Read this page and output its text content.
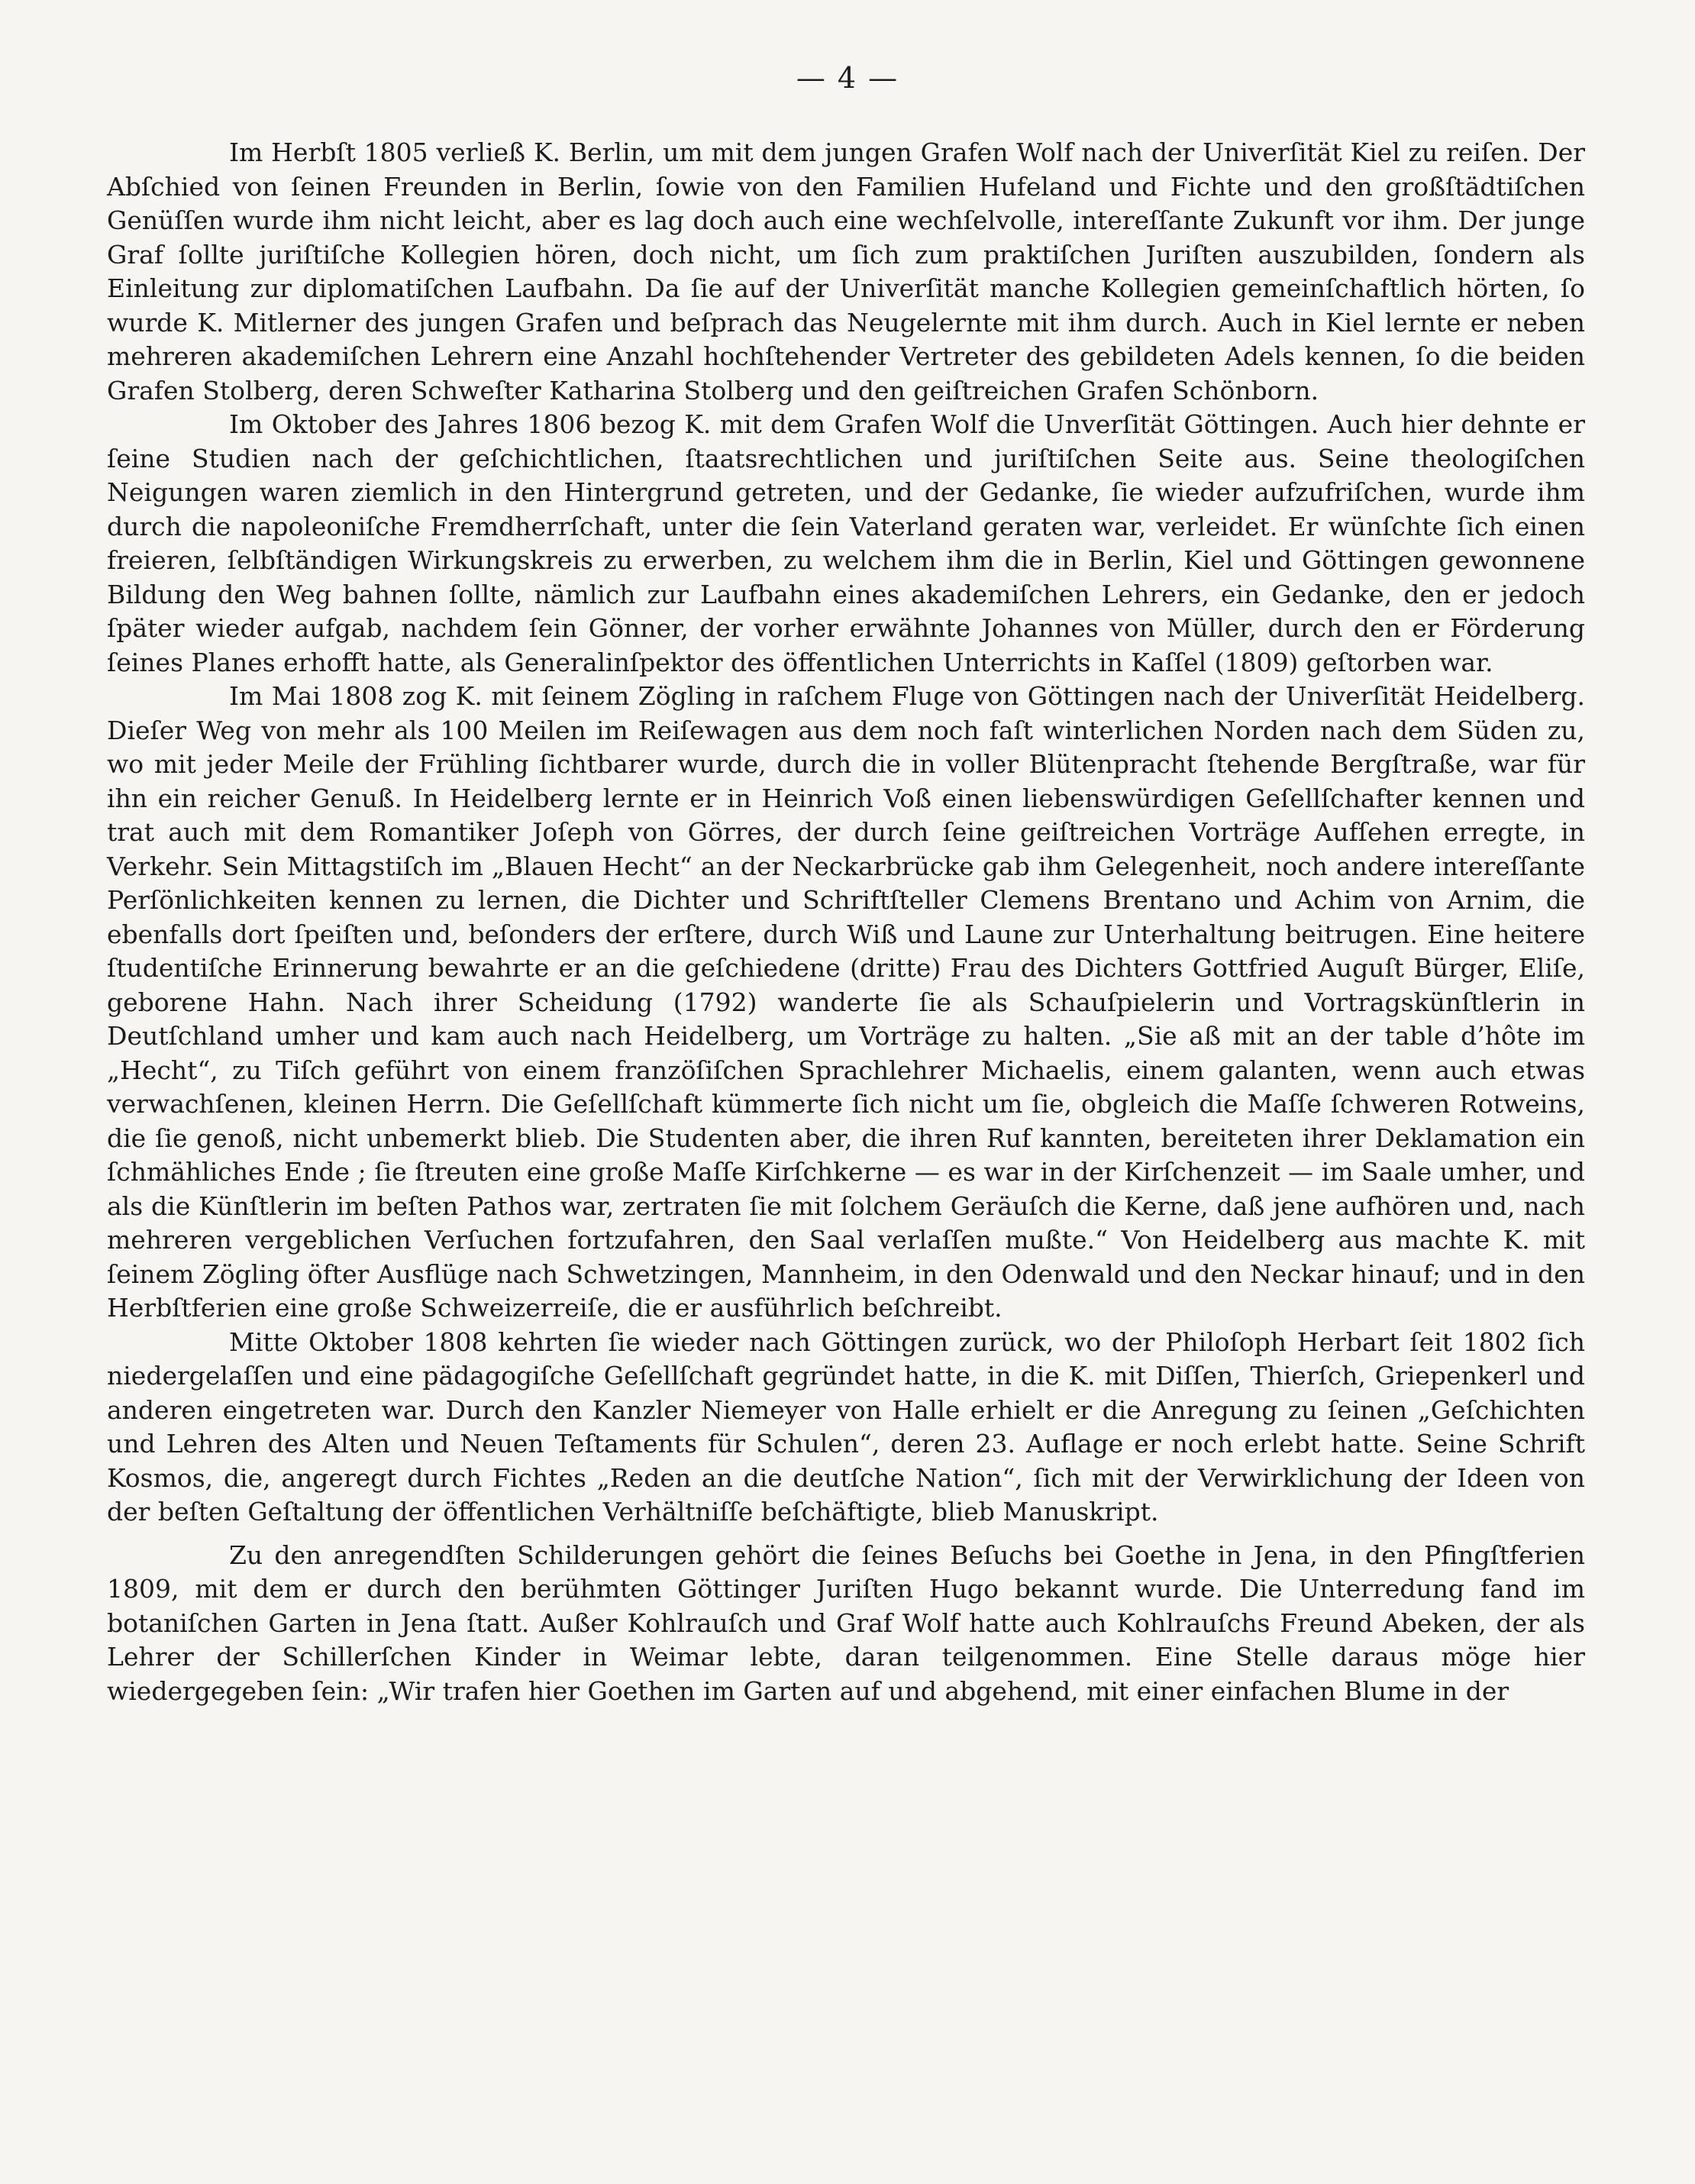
— 4 —

Im Herbſt 1805 verließ K. Berlin, um mit dem jungen Grafen Wolf nach der Univerſität Kiel zu reiſen. Der Abſchied von ſeinen Freunden in Berlin, ſowie von den Familien Hufeland und Fichte und den großſtädtiſchen Genüſſen wurde ihm nicht leicht, aber es lag doch auch eine wechſelvolle, intereſſante Zukunft vor ihm. Der junge Graf ſollte juriſtiſche Kollegien hören, doch nicht, um ſich zum praktiſchen Juriſten auszubilden, ſondern als Einleitung zur diplomatiſchen Laufbahn. Da ſie auf der Univerſität manche Kollegien gemeinſchaftlich hörten, ſo wurde K. Mitlerner des jungen Grafen und beſprach das Neugelernte mit ihm durch. Auch in Kiel lernte er neben mehreren akademiſchen Lehrern eine Anzahl hochſtehender Vertreter des gebildeten Adels kennen, ſo die beiden Grafen Stolberg, deren Schweſter Katharina Stolberg und den geiſtreichen Grafen Schönborn.

Im Oktober des Jahres 1806 bezog K. mit dem Grafen Wolf die Unverſität Göttingen. Auch hier dehnte er ſeine Studien nach der geſchichtlichen, ſtaatsrechtlichen und juriſtiſchen Seite aus. Seine theologiſchen Neigungen waren ziemlich in den Hintergrund getreten, und der Gedanke, ſie wieder aufzufriſchen, wurde ihm durch die napoleoniſche Fremdherrſchaft, unter die ſein Vaterland geraten war, verleidet. Er wünſchte ſich einen freieren, ſelbſtändigen Wirkungskreis zu erwerben, zu welchem ihm die in Berlin, Kiel und Göttingen gewonnene Bildung den Weg bahnen ſollte, nämlich zur Laufbahn eines akademiſchen Lehrers, ein Gedanke, den er jedoch ſpäter wieder aufgab, nachdem ſein Gönner, der vorher erwähnte Johannes von Müller, durch den er Förderung ſeines Planes erhofft hatte, als Generalinſpektor des öffentlichen Unterrichts in Kaſſel (1809) geſtorben war.

Im Mai 1808 zog K. mit ſeinem Zögling in raſchem Fluge von Göttingen nach der Univerſität Heidelberg. Dieſer Weg von mehr als 100 Meilen im Reiſewagen aus dem noch faſt winterlichen Norden nach dem Süden zu, wo mit jeder Meile der Frühling ſichtbarer wurde, durch die in voller Blütenpracht ſtehende Bergſtraße, war für ihn ein reicher Genuß. In Heidelberg lernte er in Heinrich Voß einen liebenswürdigen Geſellſchafter kennen und trat auch mit dem Romantiker Joſeph von Görres, der durch ſeine geiſtreichen Vorträge Aufſehen erregte, in Verkehr. Sein Mittagstiſch im „Blauen Hecht“ an der Neckarbrücke gab ihm Gelegenheit, noch andere intereſſante Perſönlichkeiten kennen zu lernen, die Dichter und Schriftſteller Clemens Brentano und Achim von Arnim, die ebenfalls dort ſpeiſten und, beſonders der erſtere, durch Wiß und Laune zur Unterhaltung beitrugen. Eine heitere ſtudentiſche Erinnerung bewahrte er an die geſchiedene (dritte) Frau des Dichters Gottfried Auguſt Bürger, Eliſe, geborene Hahn. Nach ihrer Scheidung (1792) wanderte ſie als Schauſpielerin und Vortragskünſtlerin in Deutſchland umher und kam auch nach Heidelberg, um Vorträge zu halten. „Sie aß mit an der table d’hôte im „Hecht“, zu Tiſch geführt von einem franzöſiſchen Sprachlehrer Michaelis, einem galanten, wenn auch etwas verwachſenen, kleinen Herrn. Die Geſellſchaft kümmerte ſich nicht um ſie, obgleich die Maſſe ſchweren Rotweins, die ſie genoß, nicht unbemerkt blieb. Die Studenten aber, die ihren Ruf kannten, bereiteten ihrer Deklamation ein ſchmähliches Ende ; ſie ſtreuten eine große Maſſe Kirſchkerne — es war in der Kirſchenzeit — im Saale umher, und als die Künſtlerin im beſten Pathos war, zertraten ſie mit ſolchem Geräuſch die Kerne, daß jene aufhören und, nach mehreren vergeblichen Verſuchen fortzufahren, den Saal verlaſſen mußte.“ Von Heidelberg aus machte K. mit ſeinem Zögling öfter Ausflüge nach Schwetzingen, Mannheim, in den Odenwald und den Neckar hinauf; und in den Herbſtferien eine große Schweizerreiſe, die er ausführlich beſchreibt.

Mitte Oktober 1808 kehrten ſie wieder nach Göttingen zurück, wo der Philoſoph Herbart ſeit 1802 ſich niedergelaſſen und eine pädagogiſche Geſellſchaft gegründet hatte, in die K. mit Diſſen, Thierſch, Griepenkerl und anderen eingetreten war. Durch den Kanzler Niemeyer von Halle erhielt er die Anregung zu ſeinen „Geſchichten und Lehren des Alten und Neuen Teſtaments für Schulen“, deren 23. Auflage er noch erlebt hatte. Seine Schrift Kosmos, die, angeregt durch Fichtes „Reden an die deutſche Nation“, ſich mit der Verwirklichung der Ideen von der beſten Geſtaltung der öffentlichen Verhältniſſe beſchäftigte, blieb Manuskript.

Zu den anregendſten Schilderungen gehört die ſeines Beſuchs bei Goethe in Jena, in den Pfingſtferien 1809, mit dem er durch den berühmten Göttinger Juriſten Hugo bekannt wurde. Die Unterredung fand im botaniſchen Garten in Jena ſtatt. Außer Kohlrauſch und Graf Wolf hatte auch Kohlrauſchs Freund Abeken, der als Lehrer der Schillerſchen Kinder in Weimar lebte, daran teilgenommen. Eine Stelle daraus möge hier wiedergegeben ſein: „Wir trafen hier Goethen im Garten auf und abgehend, mit einer einfachen Blume in der
